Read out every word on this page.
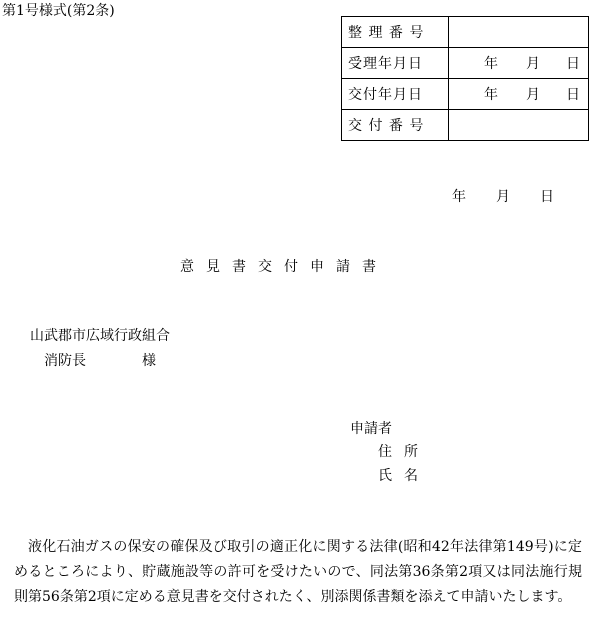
第1号様式(第2条)
整 理 番 号	
受理年月日	年 月 日

交付年月日	年 月 日

交 付 番 号	
年 月 日
意見書交付申請書
山武郡市広域行政組合
消防長	様
申請者
住所
氏名
液化石油ガスの保安の確保及び取引の適正化に関する法律(昭和42年法律第149号)に定めるところにより、貯蔵施設等の許可を受けたいので、同法第36条第2項又は同法施行規則第56条第2項に定める意見書を交付されたく、別添関係書類を添えて申請いたします。
